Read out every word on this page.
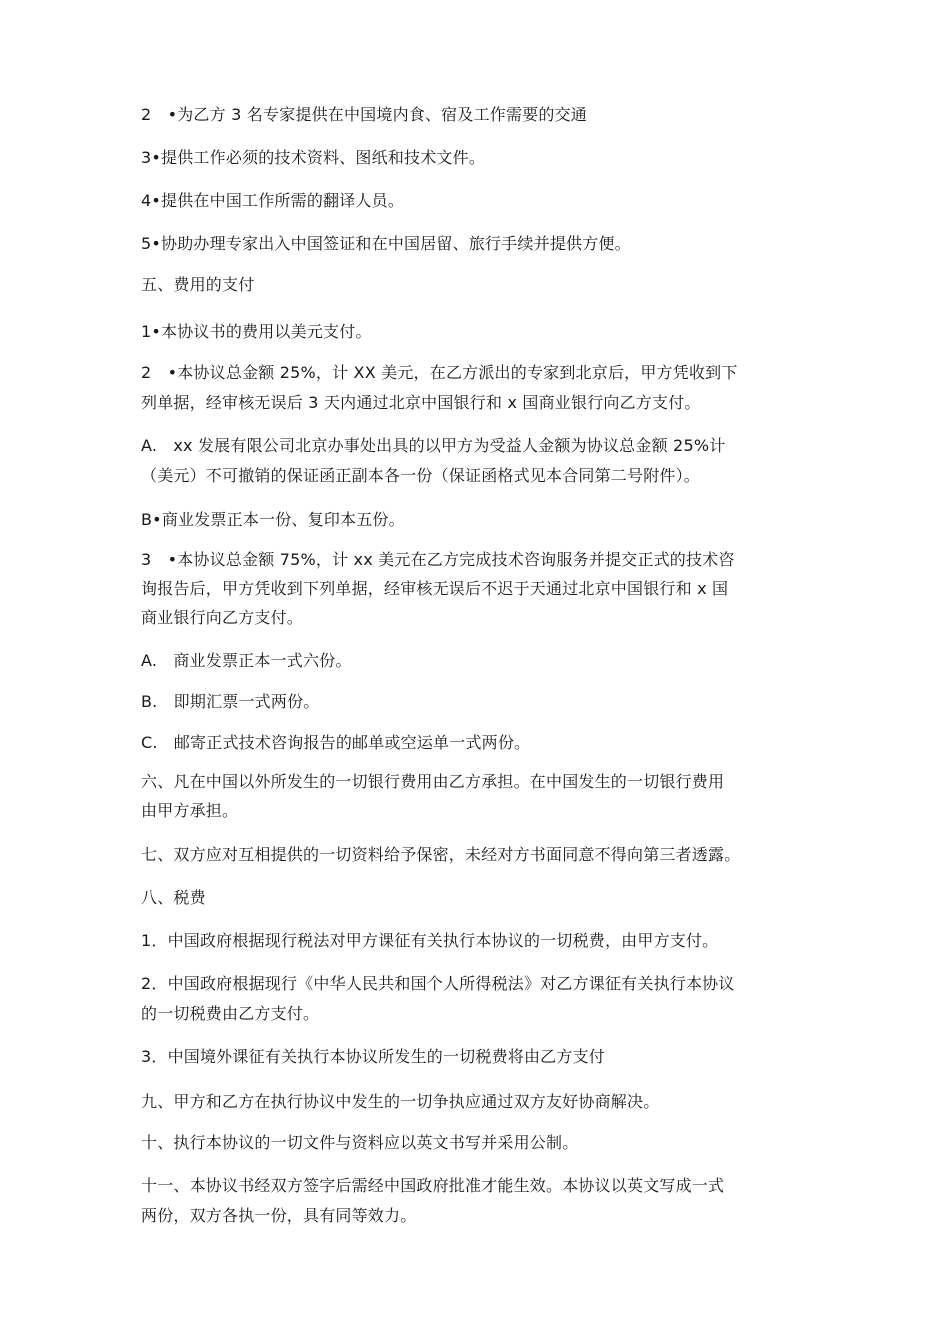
2　•为乙方 3 名专家提供在中国境内食、宿及工作需要的交通
3•提供工作必须的技术资料、图纸和技术文件。
4•提供在中国工作所需的翻译人员。
5•协助办理专家出入中国签证和在中国居留、旅行手续并提供方便。
五、费用的支付
1•本协议书的费用以美元支付。
2　•本协议总金额 25%，计 XX 美元，在乙方派出的专家到北京后，甲方凭收到下
列单据，经审核无误后 3 天内通过北京中国银行和 x 国商业银行向乙方支付。
A.　xx 发展有限公司北京办事处出具的以甲方为受益人金额为协议总金额 25%计
（美元）不可撤销的保证函正副本各一份（保证函格式见本合同第二号附件）。
B•商业发票正本一份、复印本五份。
3　•本协议总金额 75%，计 xx 美元在乙方完成技术咨询服务并提交正式的技术咨
询报告后，甲方凭收到下列单据，经审核无误后不迟于天通过北京中国银行和 x 国
商业银行向乙方支付。
A.　商业发票正本一式六份。
B.　即期汇票一式两份。
C.　邮寄正式技术咨询报告的邮单或空运单一式两份。
六、凡在中国以外所发生的一切银行费用由乙方承担。在中国发生的一切银行费用
由甲方承担。
七、双方应对互相提供的一切资料给予保密，未经对方书面同意不得向第三者透露。
八、税费
1．中国政府根据现行税法对甲方课征有关执行本协议的一切税费，由甲方支付。
2．中国政府根据现行《中华人民共和国个人所得税法》对乙方课征有关执行本协议
的一切税费由乙方支付。
3．中国境外课征有关执行本协议所发生的一切税费将由乙方支付
九、甲方和乙方在执行协议中发生的一切争执应通过双方友好协商解决。
十、执行本协议的一切文件与资料应以英文书写并采用公制。
十一、本协议书经双方签字后需经中国政府批准才能生效。本协议以英文写成一式
两份，双方各执一份，具有同等效力。
